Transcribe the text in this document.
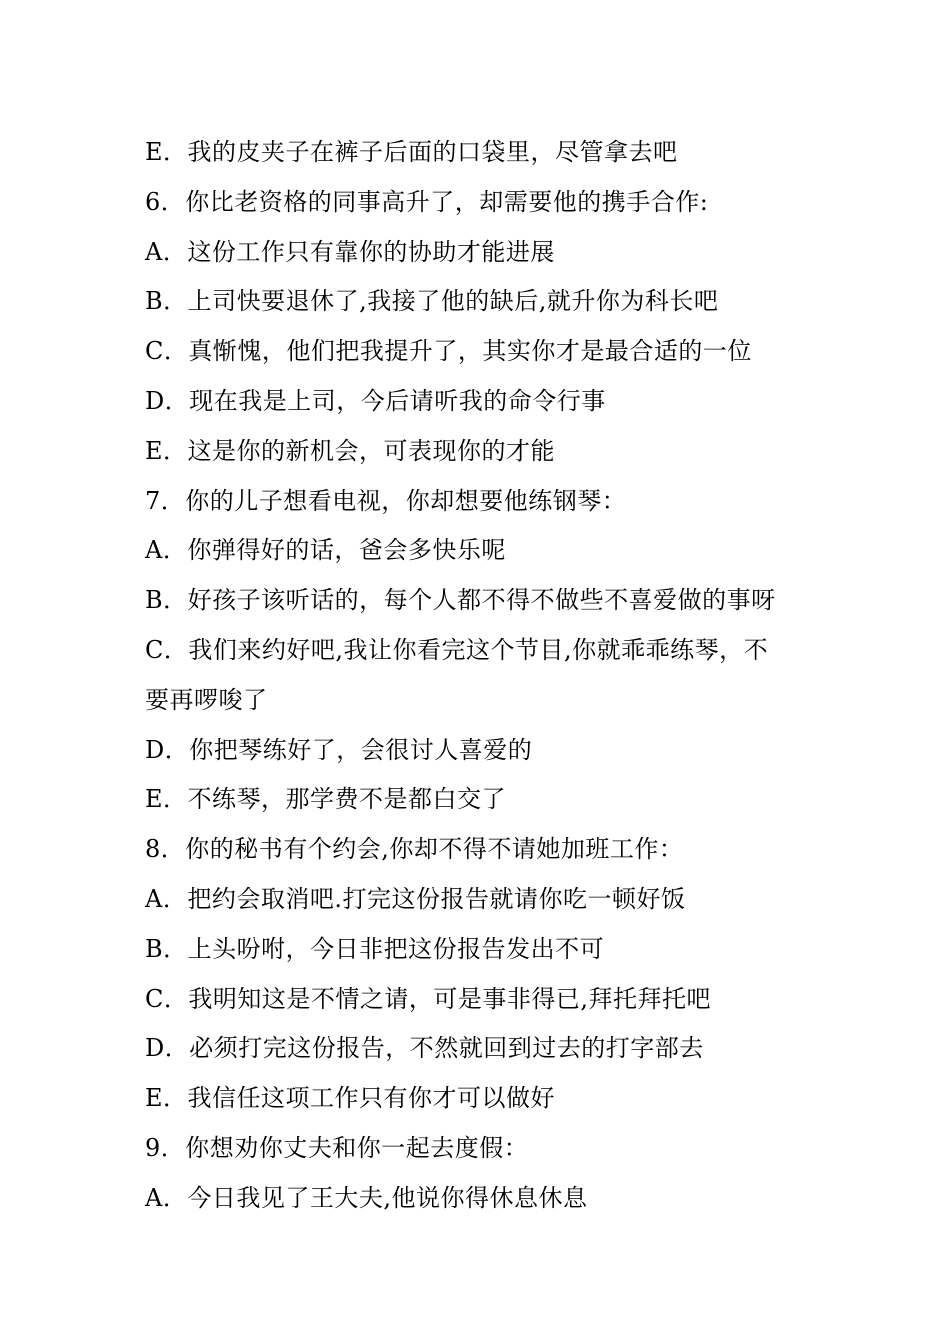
E．我的皮夹子在裤子后面的口袋里，尽管拿去吧
6．你比老资格的同事高升了，却需要他的携手合作:
A．这份工作只有靠你的协助才能进展
B．上司快要退休了,我接了他的缺后,就升你为科长吧
C．真惭愧，他们把我提升了，其实你才是最合适的一位
D．现在我是上司，今后请听我的命令行事
E．这是你的新机会，可表现你的才能
7．你的儿子想看电视，你却想要他练钢琴：
A．你弹得好的话，爸会多快乐呢
B．好孩子该听话的，每个人都不得不做些不喜爱做的事呀
C．我们来约好吧,我让你看完这个节目,你就乖乖练琴，不
要再啰唆了
D．你把琴练好了，会很讨人喜爱的
E．不练琴，那学费不是都白交了
8．你的秘书有个约会,你却不得不请她加班工作：
A．把约会取消吧.打完这份报告就请你吃一顿好饭
B．上头吩咐，今日非把这份报告发出不可
C．我明知这是不情之请，可是事非得已,拜托拜托吧
D．必须打完这份报告，不然就回到过去的打字部去
E．我信任这项工作只有你才可以做好
9．你想劝你丈夫和你一起去度假：
A．今日我见了王大夫,他说你得休息休息
